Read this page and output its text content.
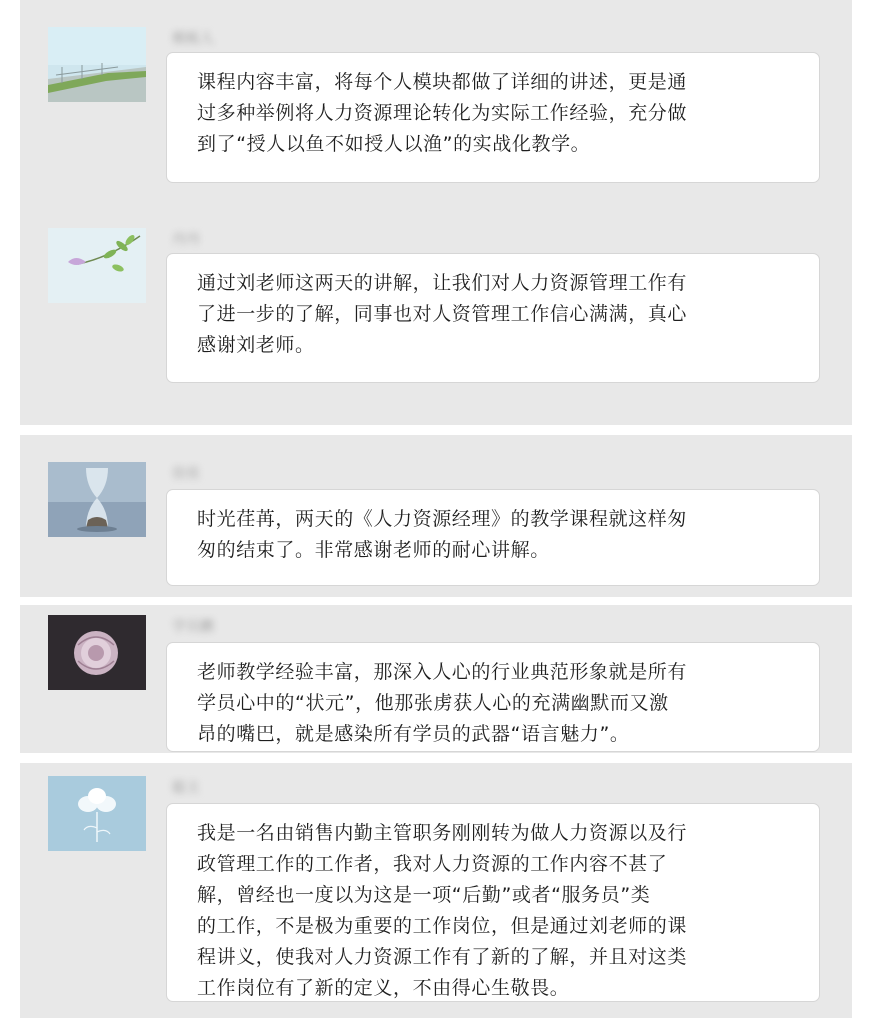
模板人
课程内容丰富，将每个人模块都做了详细的讲述，更是通
过多种举例将人力资源理论转化为实际工作经验，充分做
到了“授人以鱼不如授人以渔”的实战化教学。
丹丹
通过刘老师这两天的讲解，让我们对人力资源管理工作有
了进一步的了解，同事也对人资管理工作信心满满，真心
感谢刘老师。
佳佳
时光荏苒，两天的《人力资源经理》的教学课程就这样匆
匆的结束了。非常感谢老师的耐心讲解。
学员鹏
老师教学经验丰富，那深入人心的行业典范形象就是所有
学员心中的“状元”，他那张虏获人心的充满幽默而又激
昂的嘴巴，就是感染所有学员的武器“语言魅力”。
聪主
我是一名由销售内勤主管职务刚刚转为做人力资源以及行
政管理工作的工作者，我对人力资源的工作内容不甚了
解，曾经也一度以为这是一项“后勤”或者“服务员”类
的工作，不是极为重要的工作岗位，但是通过刘老师的课
程讲义，使我对人力资源工作有了新的了解，并且对这类
工作岗位有了新的定义，不由得心生敬畏。
